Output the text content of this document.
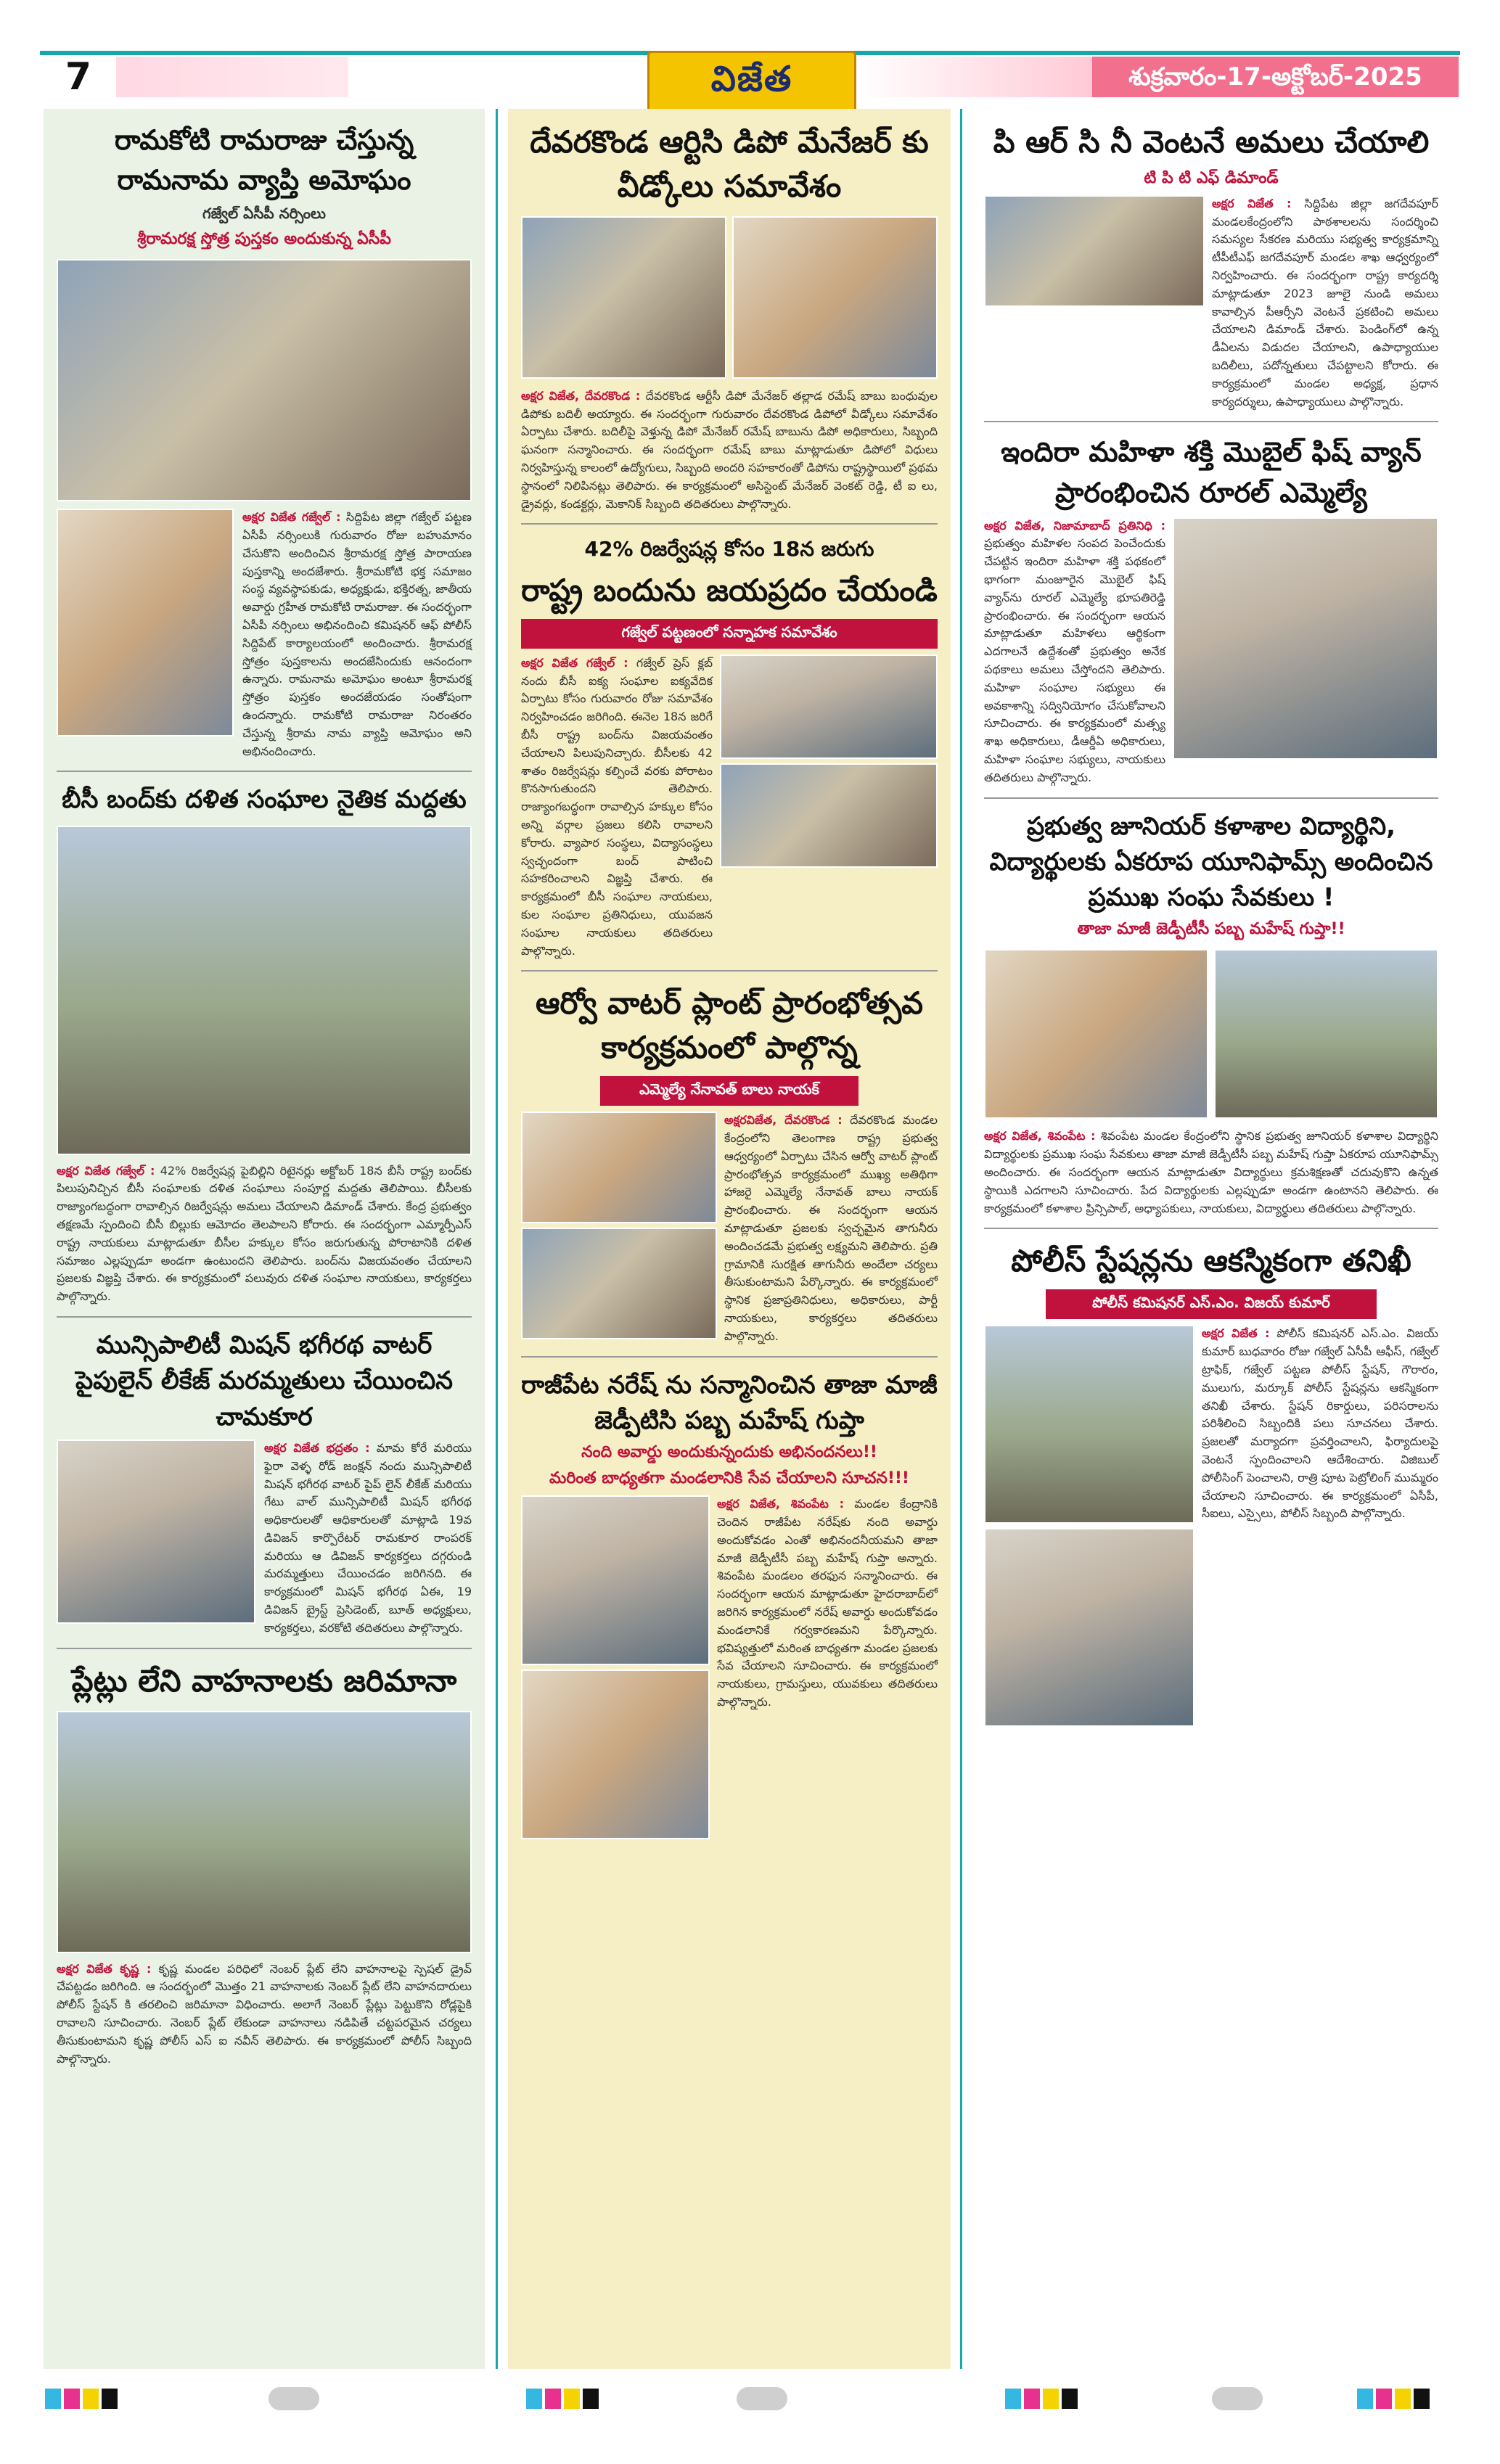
7	శుక్రవారం-17-అక్టోబర్-2025
విజేత
రామకోటి రామరాజు చేస్తున్న రామనామ వ్యాప్తి అమోఘం
గజ్వేల్ ఏసీపీ నర్సింలు
శ్రీరామరక్ష స్తోత్ర పుస్తకం అందుకున్న ఏసీపీ
అక్షర విజేత గజ్వేల్ : సిద్దిపేట జిల్లా గజ్వేల్ పట్టణ ఏసీపీ నర్సింలుకి గురువారం రోజు బహుమానం చేసుకొని అందించిన శ్రీరామరక్ష స్తోత్ర పారాయణ పుస్తకాన్ని అందజేశారు. శ్రీరామకోటి భక్త సమాజం సంస్థ వ్యవస్థాపకుడు, అధ్యక్షుడు, భక్తిరత్న, జాతీయ అవార్డు గ్రహీత రామకోటి రామరాజు. ఈ సందర్భంగా ఏసీపీ నర్సింలు అభినందించి కమిషనర్ ఆఫ్ పోలీస్ సిద్దిపేట్ కార్యాలయంలో అందించారు. శ్రీరామరక్ష స్తోత్రం పుస్తకాలను అందజేసిందుకు ఆనందంగా ఉన్నారు. రామనామ అమోఘం అంటూ శ్రీరామరక్ష స్తోత్రం పుస్తకం అందజేయడం సంతోషంగా ఉందన్నారు. రామకోటి రామరాజు నిరంతరం చేస్తున్న శ్రీరామ నామ వ్యాప్తి అమోఘం అని అభినందించారు.
బీసీ బంద్‌కు దళిత సంఘాల నైతిక మద్దతు
అక్షర విజేత గజ్వేల్ : 42% రిజర్వేషన్ల పైబిల్లిని రిటైనర్లు అక్టోబర్ 18న బీసీ రాష్ట్ర బంద్‌కు పిలుపునిచ్చిన బీసీ సంఘాలకు దళిత సంఘాలు సంపూర్ణ మద్దతు తెలిపాయి. బీసీలకు రాజ్యాంగబద్ధంగా రావాల్సిన రిజర్వేషన్లు అమలు చేయాలని డిమాండ్ చేశారు. కేంద్ర ప్రభుత్వం తక్షణమే స్పందించి బీసీ బిల్లుకు ఆమోదం తెలపాలని కోరారు. ఈ సందర్భంగా ఎమ్మార్పీఎస్ రాష్ట్ర నాయకులు మాట్లాడుతూ బీసీల హక్కుల కోసం జరుగుతున్న పోరాటానికి దళిత సమాజం ఎల్లప్పుడూ అండగా ఉంటుందని తెలిపారు. బంద్‌ను విజయవంతం చేయాలని ప్రజలకు విజ్ఞప్తి చేశారు. ఈ కార్యక్రమంలో పలువురు దళిత సంఘాల నాయకులు, కార్యకర్తలు పాల్గొన్నారు.
మున్సిపాలిటీ మిషన్ భగీరథ వాటర్ పైపులైన్ లీకేజ్ మరమ్మతులు చేయించిన చామకూర
అక్షర విజేత భద్రతం : మామ కోరే మరియు ఫైరా వెళ్ళ రోడ్ జంక్షన్ నందు మున్సిపాలిటీ మిషన్ భగీరథ వాటర్ పైప్ లైన్ లీకేజ్ మరియు గేటు వాల్ మున్సిపాలిటీ మిషన్ భగీరథ అధికారులతో ఆధికారులతో మాట్లాడి 19వ డివిజన్ కార్పొరేటర్ రామకూర రాంపరక్ మరియు ఆ డివిజన్ కార్యకర్తలు దగ్గరుండి మరమ్మత్తులు చేయించడం జరిగినది. ఈ కార్యక్రమంలో మిషన్ భగీరథ ఏఈ, 19 డివిజన్ బ్రైస్ట్ ప్రెసిడెంట్, బూత్ అధ్యక్షులు, కార్యకర్తలు, వరకోటి తదితరులు పాల్గొన్నారు.
ప్లేట్లు లేని వాహనాలకు జరిమానా
అక్షర విజేత కృష్ణ : కృష్ణ మండల పరిధిలో నెంబర్ ప్లేట్ లేని వాహనాలపై స్పెషల్ డ్రైవ్ చేపట్టడం జరిగింది. ఆ సందర్భంలో మొత్తం 21 వాహనాలకు నెంబర్ ప్లేట్ లేని వాహనదారులు పోలీస్ స్టేషన్ కి తరలించి జరిమానా విధించారు. అలాగే నెంబర్ ప్లేట్లు పెట్టుకొని రోడ్లపైకి రావాలని సూచించారు. నెంబర్ ప్లేట్ లేకుండా వాహనాలు నడిపితే చట్టపరమైన చర్యలు తీసుకుంటామని కృష్ణ పోలీస్ ఎస్ ఐ నవీన్ తెలిపారు. ఈ కార్యక్రమంలో పోలీస్ సిబ్బంది పాల్గొన్నారు.
దేవరకొండ ఆర్టిసి డిపో మేనేజర్ కు వీడ్కోలు సమావేశం
అక్షర విజేత, దేవరకొండ : దేవరకొండ ఆర్టీసీ డిపో మేనేజర్ తల్లాడ రమేష్ బాబు బంధువుల డిపోకు బదిలీ అయ్యారు. ఈ సందర్భంగా గురువారం దేవరకొండ డిపోలో వీడ్కోలు సమావేశం ఏర్పాటు చేశారు. బదిలీపై వెళ్తున్న డిపో మేనేజర్ రమేష్ బాబును డిపో అధికారులు, సిబ్బంది ఘనంగా సన్మానించారు. ఈ సందర్భంగా రమేష్ బాబు మాట్లాడుతూ డిపోలో విధులు నిర్వహిస్తున్న కాలంలో ఉద్యోగులు, సిబ్బంది అందరి సహకారంతో డిపోను రాష్ట్రస్థాయిలో ప్రథమ స్థానంలో నిలిపినట్లు తెలిపారు. ఈ కార్యక్రమంలో అసిస్టెంట్ మేనేజర్ వెంకట్ రెడ్డి, టీ ఐ లు, డ్రైవర్లు, కండక్టర్లు, మెకానిక్ సిబ్బంది తదితరులు పాల్గొన్నారు.
42% రిజర్వేషన్ల కోసం 18న జరుగు
రాష్ట్ర బందును జయప్రదం చేయండి
గజ్వేల్ పట్టణంలో సన్నాహక సమావేశం
అక్షర విజేత గజ్వేల్ : గజ్వేల్ ప్రెస్ క్లబ్ నందు బీసీ ఐక్య సంఘాల ఐక్యవేదిక ఏర్పాటు కోసం గురువారం రోజు సమావేశం నిర్వహించడం జరిగింది. ఈనెల 18న జరిగే బీసీ రాష్ట్ర బంద్‌ను విజయవంతం చేయాలని పిలుపునిచ్చారు. బీసీలకు 42 శాతం రిజర్వేషన్లు కల్పించే వరకు పోరాటం కొనసాగుతుందని తెలిపారు. రాజ్యాంగబద్ధంగా రావాల్సిన హక్కుల కోసం అన్ని వర్గాల ప్రజలు కలిసి రావాలని కోరారు. వ్యాపార సంస్థలు, విద్యాసంస్థలు స్వచ్ఛందంగా బంద్ పాటించి సహకరించాలని విజ్ఞప్తి చేశారు. ఈ కార్యక్రమంలో బీసీ సంఘాల నాయకులు, కుల సంఘాల ప్రతినిధులు, యువజన సంఘాల నాయకులు తదితరులు పాల్గొన్నారు.
ఆర్వో వాటర్ ప్లాంట్ ప్రారంభోత్సవ కార్యక్రమంలో పాల్గొన్న
ఎమ్మెల్యే నేనావత్ బాలు నాయక్
అక్షరవిజేత, దేవరకొండ : దేవరకొండ మండల కేంద్రంలోని తెలంగాణ రాష్ట్ర ప్రభుత్వ ఆధ్వర్యంలో ఏర్పాటు చేసిన ఆర్వో వాటర్ ప్లాంట్ ప్రారంభోత్సవ కార్యక్రమంలో ముఖ్య అతిథిగా హాజరై ఎమ్మెల్యే నేనావత్ బాలు నాయక్ ప్రారంభించారు. ఈ సందర్భంగా ఆయన మాట్లాడుతూ ప్రజలకు స్వచ్ఛమైన తాగునీరు అందించడమే ప్రభుత్వ లక్ష్యమని తెలిపారు. ప్రతి గ్రామానికి సురక్షిత తాగునీరు అందేలా చర్యలు తీసుకుంటామని పేర్కొన్నారు. ఈ కార్యక్రమంలో స్థానిక ప్రజాప్రతినిధులు, అధికారులు, పార్టీ నాయకులు, కార్యకర్తలు తదితరులు పాల్గొన్నారు.
రాజీపేట నరేష్ ను సన్మానించిన తాజా మాజీ జెడ్పీటిసి పబ్బ మహేష్ గుప్తా
నంది అవార్డు అందుకున్నందుకు అభినందనలు!!
మరింత బాధ్యతగా మండలానికి సేవ చేయాలని సూచన!!!
అక్షర విజేత, శివంపేట : మండల కేంద్రానికి చెందిన రాజీపేట నరేష్‌కు నంది అవార్డు అందుకోవడం ఎంతో అభినందనీయమని తాజా మాజీ జెడ్పీటీసీ పబ్బ మహేష్ గుప్తా అన్నారు. శివంపేట మండలం తరఫున సన్మానించారు. ఈ సందర్భంగా ఆయన మాట్లాడుతూ హైదరాబాద్‌లో జరిగిన కార్యక్రమంలో నరేష్ అవార్డు అందుకోవడం మండలానికే గర్వకారణమని పేర్కొన్నారు. భవిష్యత్తులో మరింత బాధ్యతగా మండల ప్రజలకు సేవ చేయాలని సూచించారు. ఈ కార్యక్రమంలో నాయకులు, గ్రామస్తులు, యువకులు తదితరులు పాల్గొన్నారు.
పి ఆర్ సి నీ వెంటనే అమలు చేయాలి
టి పి టి ఎఫ్ డిమాండ్
అక్షర విజేత : సిద్దిపేట జిల్లా జగదేవపూర్ మండలకేంద్రంలోని పాఠశాలలను సందర్శించి సమస్యల సేకరణ మరియు సభ్యత్వ కార్యక్రమాన్ని టీపీటీఎఫ్ జగదేవపూర్ మండల శాఖ ఆధ్వర్యంలో నిర్వహించారు. ఈ సందర్భంగా రాష్ట్ర కార్యదర్శి మాట్లాడుతూ 2023 జూలై నుండి అమలు కావాల్సిన పీఆర్సీని వెంటనే ప్రకటించి అమలు చేయాలని డిమాండ్ చేశారు. పెండింగ్‌లో ఉన్న డీఏలను విడుదల చేయాలని, ఉపాధ్యాయుల బదిలీలు, పదోన్నతులు చేపట్టాలని కోరారు. ఈ కార్యక్రమంలో మండల అధ్యక్ష, ప్రధాన కార్యదర్శులు, ఉపాధ్యాయులు పాల్గొన్నారు.
ఇందిరా మహిళా శక్తి మొబైల్ ఫిష్ వ్యాన్ ప్రారంభించిన రూరల్ ఎమ్మెల్యే
అక్షర విజేత, నిజామాబాద్ ప్రతినిధి : ప్రభుత్వం మహిళల సంపద పెంచేందుకు చేపట్టిన ఇందిరా మహిళా శక్తి పథకంలో భాగంగా మంజూరైన మొబైల్ ఫిష్ వ్యాన్‌ను రూరల్ ఎమ్మెల్యే భూపతిరెడ్డి ప్రారంభించారు. ఈ సందర్భంగా ఆయన మాట్లాడుతూ మహిళలు ఆర్థికంగా ఎదగాలనే ఉద్దేశంతో ప్రభుత్వం అనేక పథకాలు అమలు చేస్తోందని తెలిపారు. మహిళా సంఘాల సభ్యులు ఈ అవకాశాన్ని సద్వినియోగం చేసుకోవాలని సూచించారు. ఈ కార్యక్రమంలో మత్స్య శాఖ అధికారులు, డీఆర్డీఏ అధికారులు, మహిళా సంఘాల సభ్యులు, నాయకులు తదితరులు పాల్గొన్నారు.
ప్రభుత్వ జూనియర్ కళాశాల విద్యార్థిని, విద్యార్థులకు ఏకరూప యూనిఫామ్స్ అందించిన ప్రముఖ సంఘ సేవకులు !
తాజా మాజీ జెడ్పీటీసీ పబ్బ మహేష్ గుప్తా!!
అక్షర విజేత, శివంపేట : శివంపేట మండల కేంద్రంలోని స్థానిక ప్రభుత్వ జూనియర్ కళాశాల విద్యార్థిని విద్యార్థులకు ప్రముఖ సంఘ సేవకులు తాజా మాజీ జెడ్పీటీసీ పబ్బ మహేష్ గుప్తా ఏకరూప యూనిఫామ్స్ అందించారు. ఈ సందర్భంగా ఆయన మాట్లాడుతూ విద్యార్థులు క్రమశిక్షణతో చదువుకొని ఉన్నత స్థాయికి ఎదగాలని సూచించారు. పేద విద్యార్థులకు ఎల్లప్పుడూ అండగా ఉంటానని తెలిపారు. ఈ కార్యక్రమంలో కళాశాల ప్రిన్సిపాల్, అధ్యాపకులు, నాయకులు, విద్యార్థులు తదితరులు పాల్గొన్నారు.
పోలీస్ స్టేషన్లను ఆకస్మికంగా తనిఖీ
పోలీస్ కమిషనర్ ఎస్.ఎం. విజయ్ కుమార్
అక్షర విజేత : పోలీస్ కమిషనర్ ఎస్.ఎం. విజయ్ కుమార్ బుధవారం రోజు గజ్వేల్ ఏసీపీ ఆఫీస్, గజ్వేల్ ట్రాఫిక్, గజ్వేల్ పట్టణ పోలీస్ స్టేషన్, గౌరారం, ములుగు, మర్కూక్ పోలీస్ స్టేషన్లను ఆకస్మికంగా తనిఖీ చేశారు. స్టేషన్ రికార్డులు, పరిసరాలను పరిశీలించి సిబ్బందికి పలు సూచనలు చేశారు. ప్రజలతో మర్యాదగా ప్రవర్తించాలని, ఫిర్యాదులపై వెంటనే స్పందించాలని ఆదేశించారు. విజిబుల్ పోలీసింగ్ పెంచాలని, రాత్రి పూట పెట్రోలింగ్ ముమ్మరం చేయాలని సూచించారు. ఈ కార్యక్రమంలో ఏసీపీ, సీఐలు, ఎస్సైలు, పోలీస్ సిబ్బంది పాల్గొన్నారు.
